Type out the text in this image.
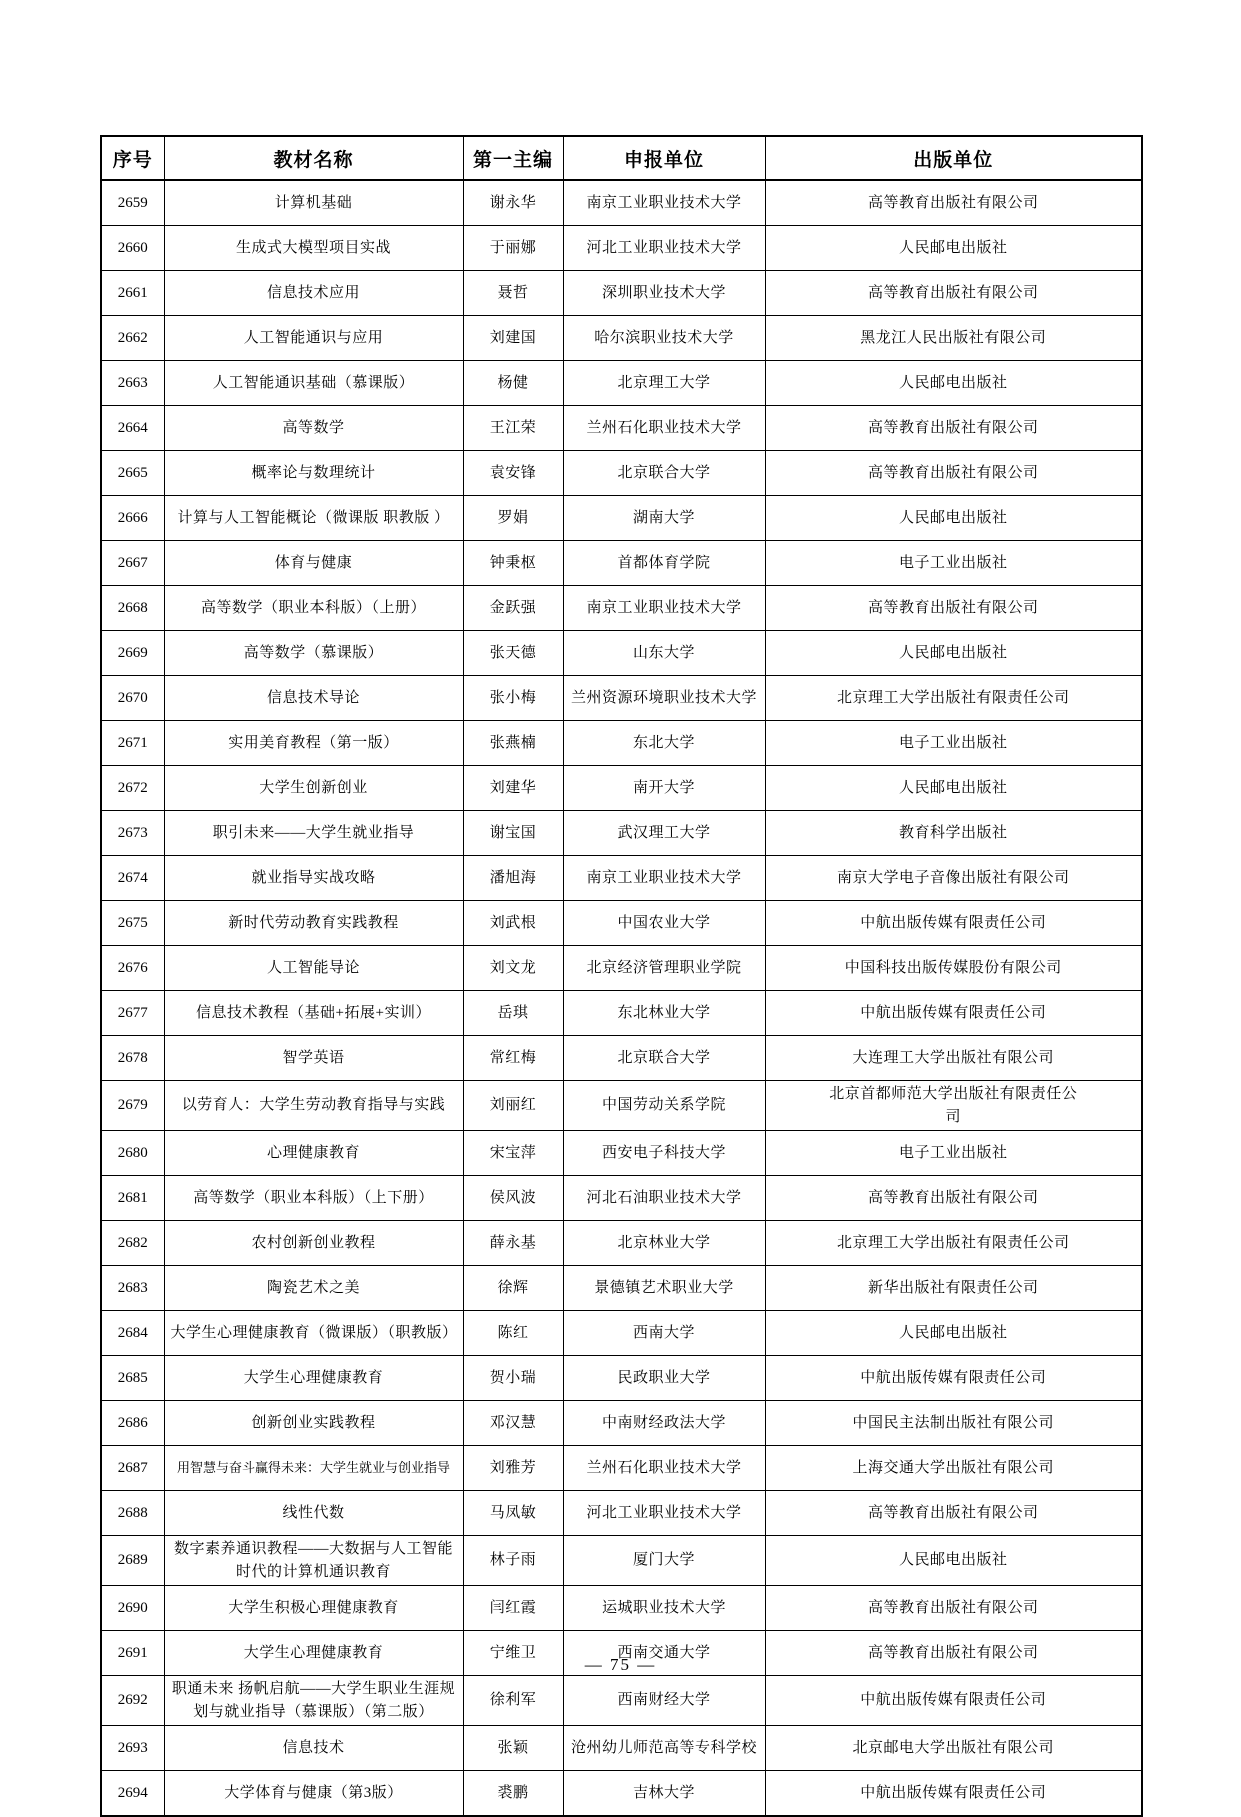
序号	教材名称	第一主编	申报单位	出版单位
2659	计算机基础	谢永华	南京工业职业技术大学	高等教育出版社有限公司
2660	生成式大模型项目实战	于丽娜	河北工业职业技术大学	人民邮电出版社
2661	信息技术应用	聂哲	深圳职业技术大学	高等教育出版社有限公司
2662	人工智能通识与应用	刘建国	哈尔滨职业技术大学	黑龙江人民出版社有限公司
2663	人工智能通识基础（慕课版）	杨健	北京理工大学	人民邮电出版社
2664	高等数学	王江荣	兰州石化职业技术大学	高等教育出版社有限公司
2665	概率论与数理统计	袁安锋	北京联合大学	高等教育出版社有限公司
2666	计算与人工智能概论（微课版 职教版 ）	罗娟	湖南大学	人民邮电出版社
2667	体育与健康	钟秉枢	首都体育学院	电子工业出版社
2668	高等数学（职业本科版）（上册）	金跃强	南京工业职业技术大学	高等教育出版社有限公司
2669	高等数学（慕课版）	张天德	山东大学	人民邮电出版社
2670	信息技术导论	张小梅	兰州资源环境职业技术大学	北京理工大学出版社有限责任公司
2671	实用美育教程（第一版）	张燕楠	东北大学	电子工业出版社
2672	大学生创新创业	刘建华	南开大学	人民邮电出版社
2673	职引未来——大学生就业指导	谢宝国	武汉理工大学	教育科学出版社
2674	就业指导实战攻略	潘旭海	南京工业职业技术大学	南京大学电子音像出版社有限公司
2675	新时代劳动教育实践教程	刘武根	中国农业大学	中航出版传媒有限责任公司
2676	人工智能导论	刘文龙	北京经济管理职业学院	中国科技出版传媒股份有限公司
2677	信息技术教程（基础+拓展+实训）	岳琪	东北林业大学	中航出版传媒有限责任公司
2678	智学英语	常红梅	北京联合大学	大连理工大学出版社有限公司
2679	以劳育人：大学生劳动教育指导与实践	刘丽红	中国劳动关系学院	北京首都师范大学出版社有限责任公司
2680	心理健康教育	宋宝萍	西安电子科技大学	电子工业出版社
2681	高等数学（职业本科版）（上下册）	侯风波	河北石油职业技术大学	高等教育出版社有限公司
2682	农村创新创业教程	薛永基	北京林业大学	北京理工大学出版社有限责任公司
2683	陶瓷艺术之美	徐辉	景德镇艺术职业大学	新华出版社有限责任公司
2684	大学生心理健康教育（微课版）（职教版）	陈红	西南大学	人民邮电出版社
2685	大学生心理健康教育	贺小瑞	民政职业大学	中航出版传媒有限责任公司
2686	创新创业实践教程	邓汉慧	中南财经政法大学	中国民主法制出版社有限公司
2687	用智慧与奋斗赢得未来：大学生就业与创业指导	刘雅芳	兰州石化职业技术大学	上海交通大学出版社有限公司
2688	线性代数	马凤敏	河北工业职业技术大学	高等教育出版社有限公司
2689	数字素养通识教程——大数据与人工智能时代的计算机通识教育	林子雨	厦门大学	人民邮电出版社
2690	大学生积极心理健康教育	闫红霞	运城职业技术大学	高等教育出版社有限公司
2691	大学生心理健康教育	宁维卫	西南交通大学	高等教育出版社有限公司
2692	职通未来 扬帆启航——大学生职业生涯规划与就业指导（慕课版）（第二版）	徐利军	西南财经大学	中航出版传媒有限责任公司
2693	信息技术	张颖	沧州幼儿师范高等专科学校	北京邮电大学出版社有限公司
2694	大学体育与健康（第3版）	裘鹏	吉林大学	中航出版传媒有限责任公司
— 75 —
